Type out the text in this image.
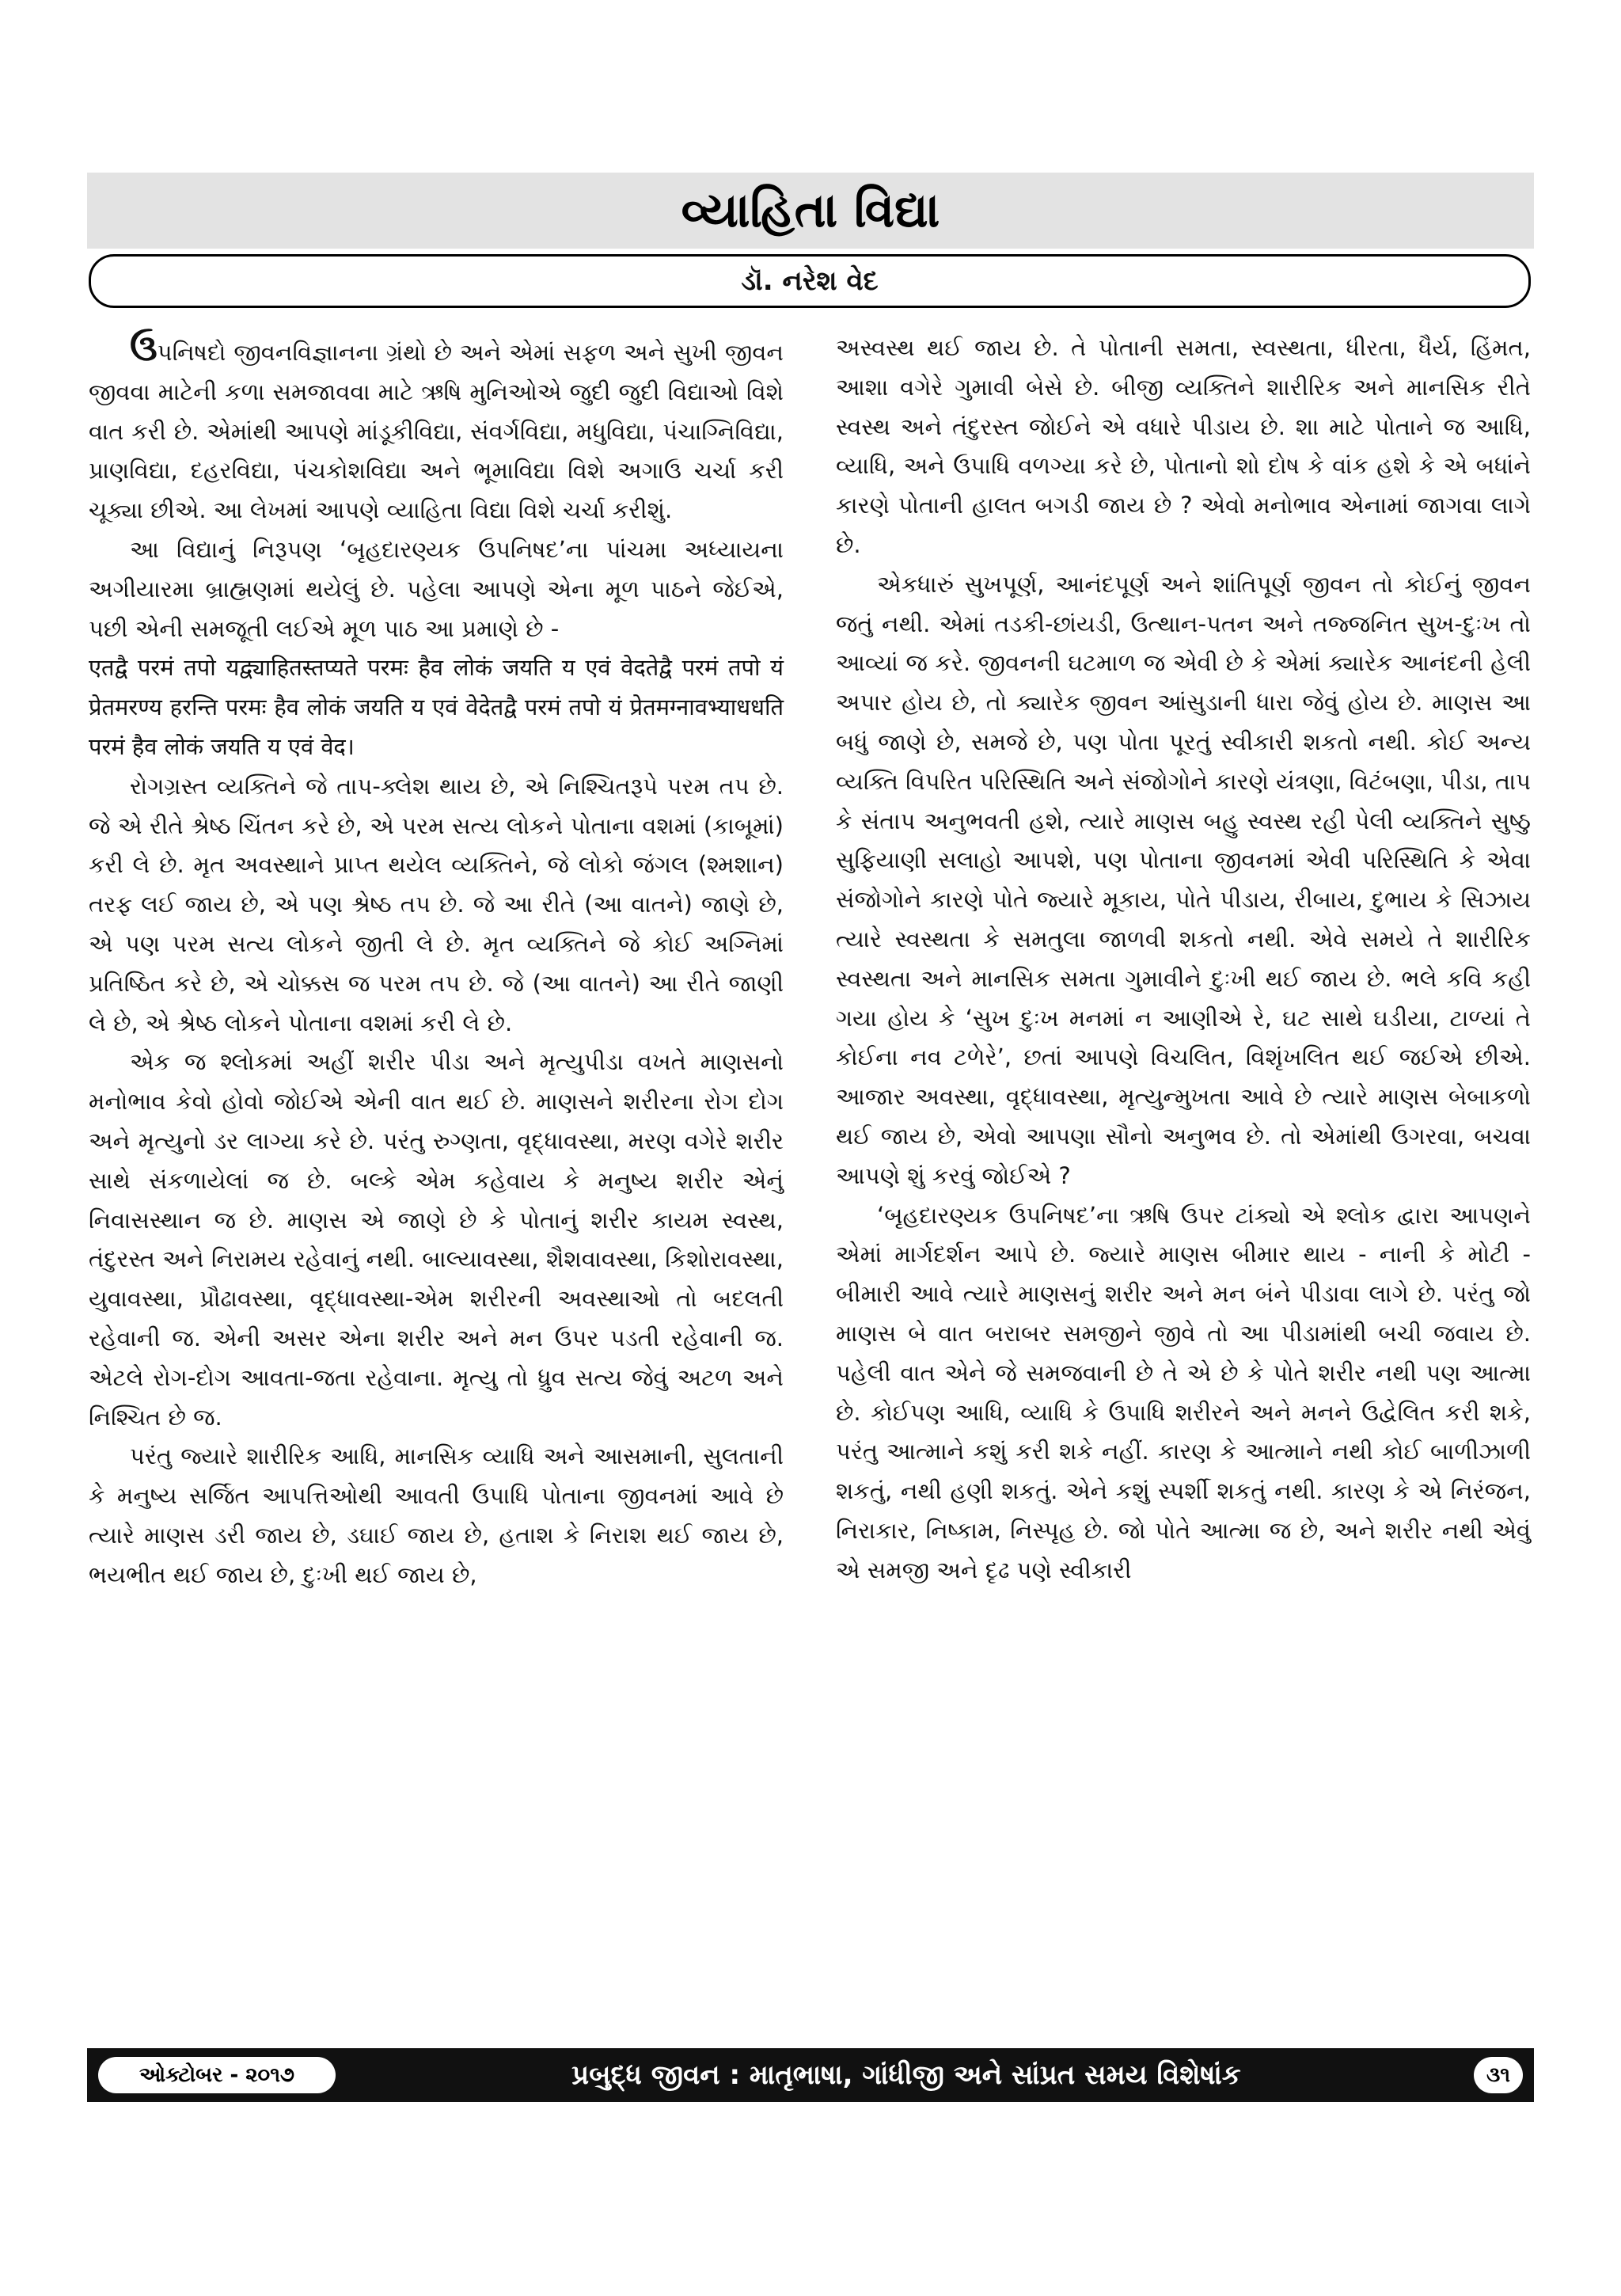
વ્યાહિતા વિદ્યા
ડૉ. નરેશ વેદ

ઉપનિષદો જીવનવિજ્ઞાનના ગ્રંથો છે અને એમાં સફળ અને સુખી જીવન જીવવા માટેની કળા સમજાવવા માટે ઋષિ મુનિઓએ જુદી જુદી વિદ્યાઓ વિશે વાત કરી છે. એમાંથી આપણે માંડૂકીવિદ્યા, સંવર્ગવિદ્યા, મધુવિદ્યા, પંચાગ્નિવિદ્યા, પ્રાણવિદ્યા, દહરવિદ્યા, પંચકોશવિદ્યા અને ભૂમાવિદ્યા વિશે અગાઉ ચર્ચા કરી ચૂક્યા છીએ. આ લેખમાં આપણે વ્યાહિતા વિદ્યા વિશે ચર્ચા કરીશું.

આ વિદ્યાનું નિરૂપણ ‘બૃહદારણ્યક ઉપનિષદ’ના પાંચમા અધ્યાયના અગીયારમા બ્રાહ્મણમાં થયેલું છે. પહેલા આપણે એના મૂળ પાઠને જેઈએ, પછી એની સમજૂતી લઈએ મૂળ પાઠ આ પ્રમાણે છે -

एतद्वै परमं तपो यद्व्याहितस्तप्यते परमः हैव लोकं जयति य एवं वेदतेद्वै परमं तपो यं प्रेतमरण्य हरन्ति परमः हैव लोकं जयति य एवं वेदेतद्वै परमं तपो यं प्रेतमग्नावभ्याधधति परमं हैव लोकं जयति य एवं वेद।

રોગગ્રસ્ત વ્યક્તિને જે તાપ-ક્લેશ થાય છે, એ નિશ્ચિતરૂપે પરમ તપ છે. જે એ રીતે શ્રેષ્ઠ ચિંતન કરે છે, એ પરમ સત્ય લોકને પોતાના વશમાં (કાબૂમાં) કરી લે છે. મૃત અવસ્થાને પ્રાપ્ત થયેલ વ્યક્તિને, જે લોકો જંગલ (શ્મશાન) તરફ લઈ જાય છે, એ પણ શ્રેષ્ઠ તપ છે. જે આ રીતે (આ વાતને) જાણે છે, એ પણ પરમ સત્ય લોકને જીતી લે છે. મૃત વ્યક્તિને જે કોઈ અગ્નિમાં પ્રતિષ્ઠિત કરે છે, એ ચોક્કસ જ પરમ તપ છે. જે (આ વાતને) આ રીતે જાણી લે છે, એ શ્રેષ્ઠ લોકને પોતાના વશમાં કરી લે છે.

એક જ શ્લોકમાં અહીં શરીર પીડા અને મૃત્યુપીડા વખતે માણસનો મનોભાવ કેવો હોવો જોઈએ એની વાત થઈ છે. માણસને શરીરના રોગ દોગ અને મૃત્યુનો ડર લાગ્યા કરે છે. પરંતુ રુગ્ણતા, વૃદ્ધાવસ્થા, મરણ વગેરે શરીર સાથે સંકળાયેલાં જ છે. બલ્કે એમ કહેવાય કે મનુષ્ય શરીર એનું નિવાસસ્થાન જ છે. માણસ એ જાણે છે કે પોતાનું શરીર કાયમ સ્વસ્થ, તંદુરસ્ત અને નિરામય રહેવાનું નથી. બાલ્યાવસ્થા, શૈશવાવસ્થા, કિશોરાવસ્થા, યુવાવસ્થા, પ્રૌઢાવસ્થા, વૃદ્ધાવસ્થા-એમ શરીરની અવસ્થાઓ તો બદલતી રહેવાની જ. એની અસર એના શરીર અને મન ઉપર પડતી રહેવાની જ. એટલે રોગ-દોગ આવતા-જતા રહેવાના. મૃત્યુ તો ધ્રુવ સત્ય જેવું અટળ અને નિશ્ચિત છે જ.

પરંતુ જ્યારે શારીરિક આધિ, માનસિક વ્યાધિ અને આસમાની, સુલતાની કે મનુષ્ય સર્જિત આપત્તિઓથી આવતી ઉપાધિ પોતાના જીવનમાં આવે છે ત્યારે માણસ ડરી જાય છે, ડઘાઈ જાય છે, હતાશ કે નિરાશ થઈ જાય છે, ભયભીત થઈ જાય છે, દુઃખી થઈ જાય છે,

અસ્વસ્થ થઈ જાય છે. તે પોતાની સમતા, સ્વસ્થતા, ધીરતા, ધૈર્ય, હિંમત, આશા વગેરે ગુમાવી બેસે છે. બીજી વ્યક્તિને શારીરિક અને માનસિક રીતે સ્વસ્થ અને તંદુરસ્ત જોઈને એ વધારે પીડાય છે. શા માટે પોતાને જ આધિ, વ્યાધિ, અને ઉપાધિ વળગ્યા કરે છે, પોતાનો શો દોષ કે વાંક હશે કે એ બધાંને કારણે પોતાની હાલત બગડી જાય છે ? એવો મનોભાવ એનામાં જાગવા લાગે છે.

એકધારું સુખપૂર્ણ, આનંદપૂર્ણ અને શાંતિપૂર્ણ જીવન તો કોઈનું જીવન જતું નથી. એમાં તડકી-છાંયડી, ઉત્થાન-પતન અને તજ્જનિત સુખ-દુઃખ તો આવ્યાં જ કરે. જીવનની ઘટમાળ જ એવી છે કે એમાં ક્યારેક આનંદની હેલી અપાર હોય છે, તો ક્યારેક જીવન આંસુડાની ધારા જેવું હોય છે. માણસ આ બધું જાણે છે, સમજે છે, પણ પોતા પૂરતું સ્વીકારી શકતો નથી. કોઈ અન્ય વ્યક્તિ વિપરિત પરિસ્થિતિ અને સંજોગોને કારણે યંત્રણા, વિટંબણા, પીડા, તાપ કે સંતાપ અનુભવતી હશે, ત્યારે માણસ બહુ સ્વસ્થ રહી પેલી વ્યક્તિને સુષ્ઠુ સુફિયાણી સલાહો આપશે, પણ પોતાના જીવનમાં એવી પરિસ્થિતિ કે એવા સંજોગોને કારણે પોતે જ્યારે મૂકાય, પોતે પીડાય, રીબાય, દુભાય કે સિઝાય ત્યારે સ્વસ્થતા કે સમતુલા જાળવી શકતો નથી. એવે સમયે તે શારીરિક સ્વસ્થતા અને માનસિક સમતા ગુમાવીને દુઃખી થઈ જાય છે. ભલે કવિ કહી ગયા હોય કે ‘સુખ દુઃખ મનમાં ન આણીએ રે, ઘટ સાથે ઘડીયા, ટાળ્યાં તે કોઈના નવ ટળેરે’, છતાં આપણે વિચલિત, વિશૃંખલિત થઈ જઈએ છીએ. આજાર અવસ્થા, વૃદ્ધાવસ્થા, મૃત્યુન્મુખતા આવે છે ત્યારે માણસ બેબાકળો થઈ જાય છે, એવો આપણા સૌનો અનુભવ છે. તો એમાંથી ઉગરવા, બચવા આપણે શું કરવું જોઈએ ?

‘બૃહદારણ્યક ઉપનિષદ’ના ઋષિ ઉપર ટાંક્યો એ શ્લોક દ્વારા આપણને એમાં માર્ગદર્શન આપે છે. જ્યારે માણસ બીમાર થાય - નાની કે મોટી - બીમારી આવે ત્યારે માણસનું શરીર અને મન બંને પીડાવા લાગે છે. પરંતુ જો માણસ બે વાત બરાબર સમજીને જીવે તો આ પીડામાંથી બચી જવાય છે. પહેલી વાત એને જે સમજવાની છે તે એ છે કે પોતે શરીર નથી પણ આત્મા છે. કોઈપણ આધિ, વ્યાધિ કે ઉપાધિ શરીરને અને મનને ઉદ્વેલિત કરી શકે, પરંતુ આત્માને કશું કરી શકે નહીં. કારણ કે આત્માને નથી કોઈ બાળીઝાળી શકતું, નથી હણી શકતું. એને કશું સ્પર્શી શકતું નથી. કારણ કે એ નિરંજન, નિરાકાર, નિષ્કામ, નિસ્પૃહ છે. જો પોતે આત્મા જ છે, અને શરીર નથી એવું એ સમજી અને દૃઢ પણે સ્વીકારી

ઓક્ટોબર - ૨૦૧૭	પ્રબુદ્ધ જીવન : માતૃભાષા, ગાંધીજી અને સાંપ્રત સમય વિશેષાંક	૩૧
